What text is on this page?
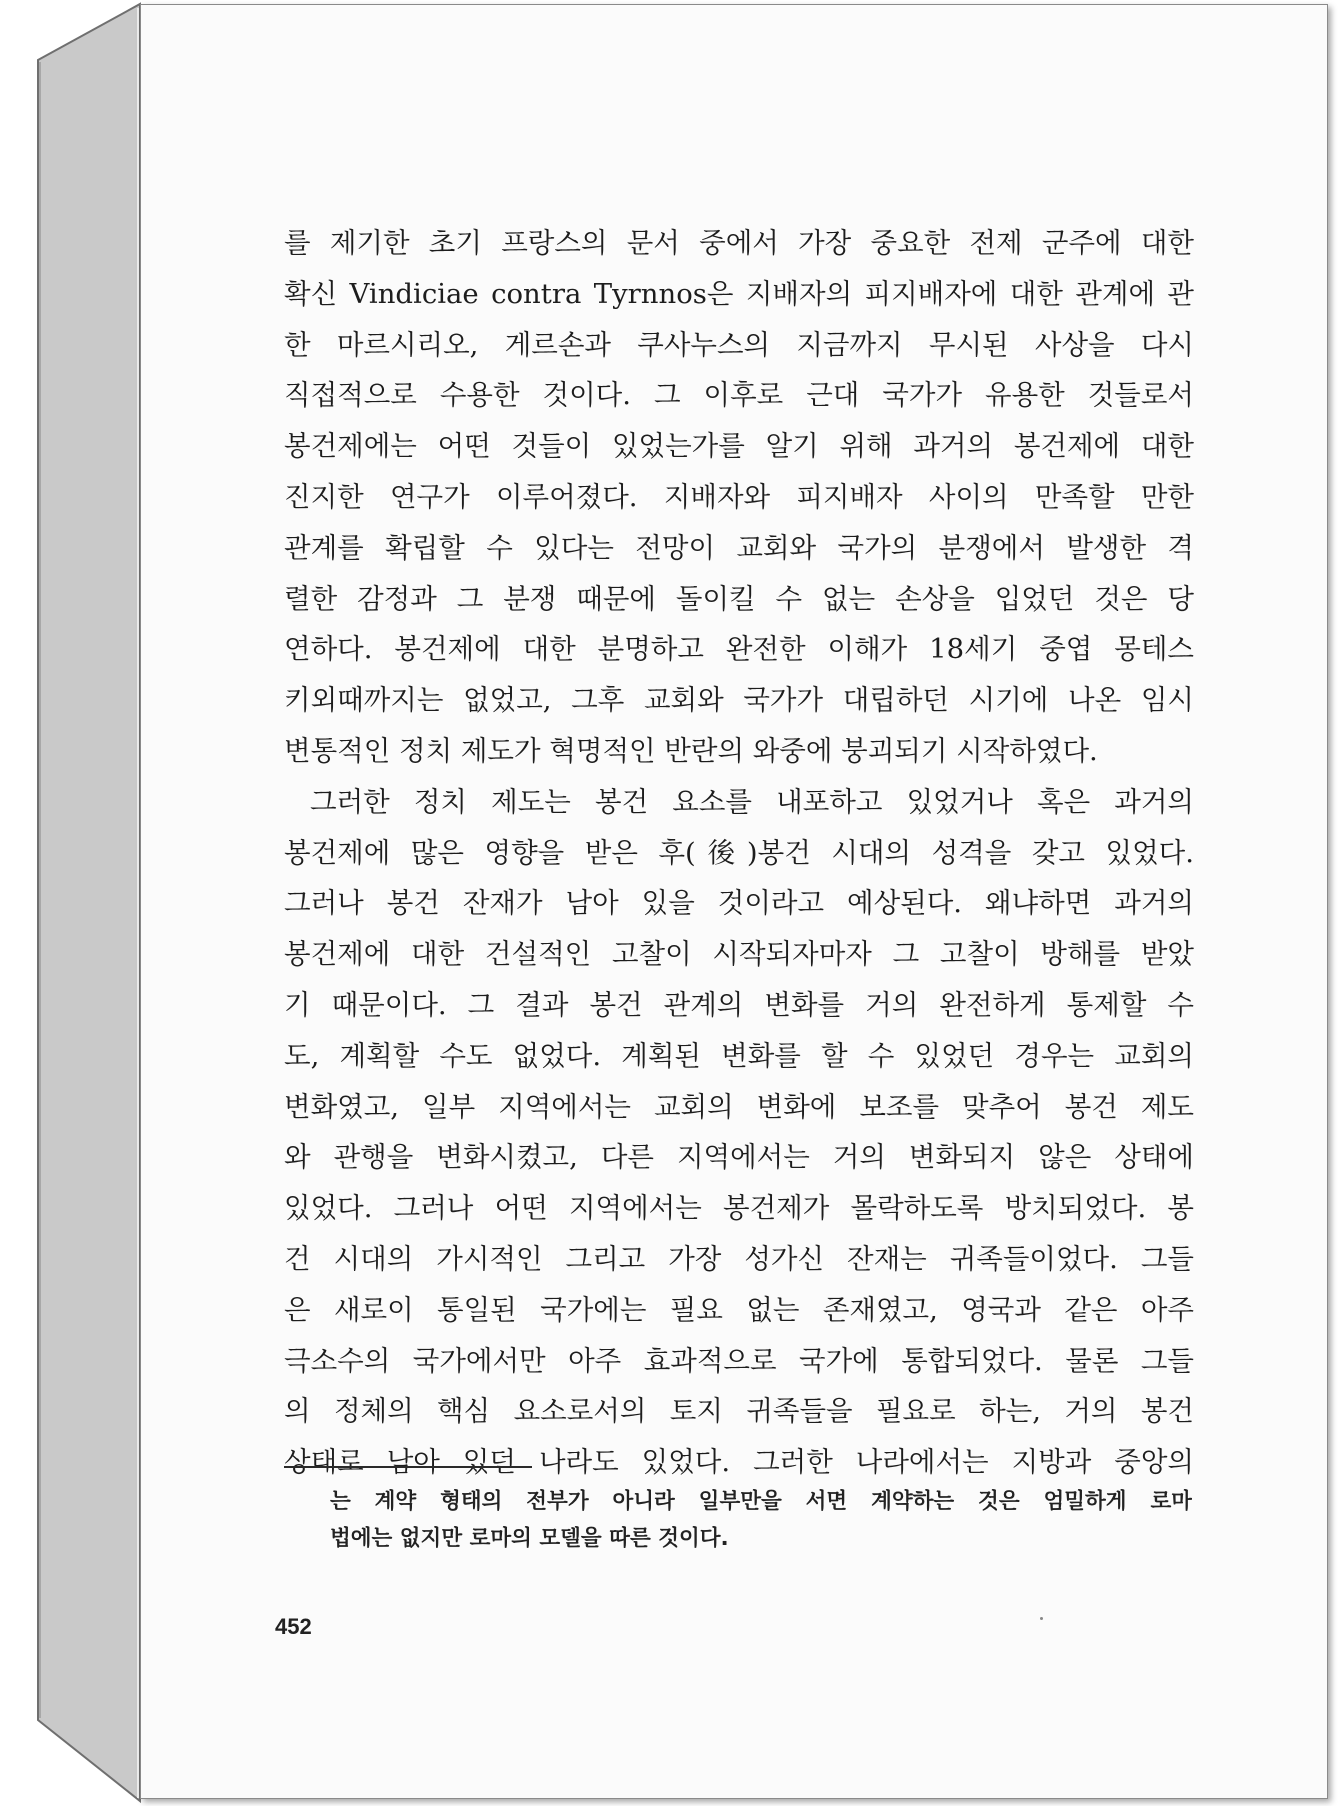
를 제기한 초기 프랑스의 문서 중에서 가장 중요한 전제 군주에 대한
확신 Vindiciae contra Tyrnnos은 지배자의 피지배자에 대한 관계에 관
한 마르시리오, 게르손과 쿠사누스의 지금까지 무시된 사상을 다시
직접적으로 수용한 것이다. 그 이후로 근대 국가가 유용한 것들로서
봉건제에는 어떤 것들이 있었는가를 알기 위해 과거의 봉건제에 대한
진지한 연구가 이루어졌다. 지배자와 피지배자 사이의 만족할 만한
관계를 확립할 수 있다는 전망이 교회와 국가의 분쟁에서 발생한 격
렬한 감정과 그 분쟁 때문에 돌이킬 수 없는 손상을 입었던 것은 당
연하다. 봉건제에 대한 분명하고 완전한 이해가 18세기 중엽 몽테스
키외때까지는 없었고, 그후 교회와 국가가 대립하던 시기에 나온 임시
변통적인 정치 제도가 혁명적인 반란의 와중에 붕괴되기 시작하였다.
그러한 정치 제도는 봉건 요소를 내포하고 있었거나 혹은 과거의
봉건제에 많은 영향을 받은 후(後)봉건 시대의 성격을 갖고 있었다.
그러나 봉건 잔재가 남아 있을 것이라고 예상된다. 왜냐하면 과거의
봉건제에 대한 건설적인 고찰이 시작되자마자 그 고찰이 방해를 받았
기 때문이다. 그 결과 봉건 관계의 변화를 거의 완전하게 통제할 수
도, 계획할 수도 없었다. 계획된 변화를 할 수 있었던 경우는 교회의
변화였고, 일부 지역에서는 교회의 변화에 보조를 맞추어 봉건 제도
와 관행을 변화시켰고, 다른 지역에서는 거의 변화되지 않은 상태에
있었다. 그러나 어떤 지역에서는 봉건제가 몰락하도록 방치되었다. 봉
건 시대의 가시적인 그리고 가장 성가신 잔재는 귀족들이었다. 그들
은 새로이 통일된 국가에는 필요 없는 존재였고, 영국과 같은 아주
극소수의 국가에서만 아주 효과적으로 국가에 통합되었다. 물론 그들
의 정체의 핵심 요소로서의 토지 귀족들을 필요로 하는, 거의 봉건
상태로 남아 있던 나라도 있었다. 그러한 나라에서는 지방과 중앙의
는 계약 형태의 전부가 아니라 일부만을 서면 계약하는 것은 엄밀하게 로마
법에는 없지만 로마의 모델을 따른 것이다.
452
